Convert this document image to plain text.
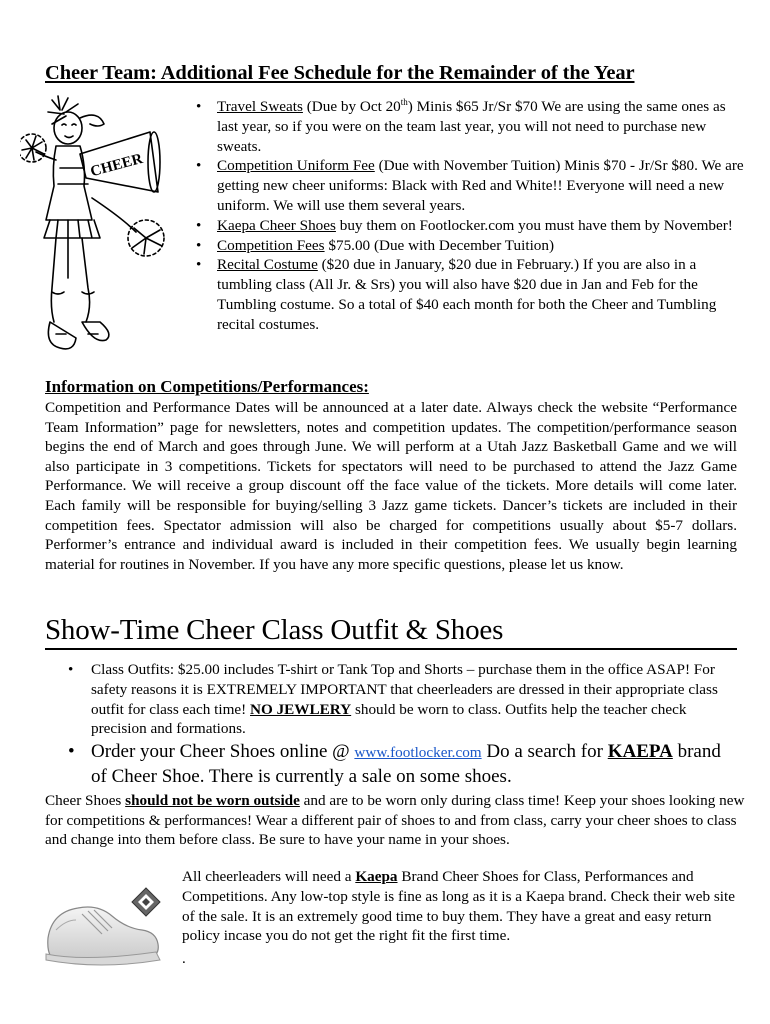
Cheer Team: Additional Fee Schedule for the Remainder of the Year
CHEER
• Travel Sweats (Due by Oct 20th) Minis $65 Jr/Sr $70 We are using the same ones as last year, so if you were on the team last year, you will not need to purchase new sweats.
• Competition Uniform Fee (Due with November Tuition) Minis $70 - Jr/Sr $80. We are getting new cheer uniforms: Black with Red and White!! Everyone will need a new uniform. We will use them several years.
• Kaepa Cheer Shoes buy them on Footlocker.com you must have them by November!
• Competition Fees $75.00 (Due with December Tuition)
• Recital Costume ($20 due in January, $20 due in February.) If you are also in a tumbling class (All Jr. & Srs) you will also have $20 due in Jan and Feb for the Tumbling costume. So a total of $40 each month for both the Cheer and Tumbling recital costumes.
Information on Competitions/Performances:

Competition and Performance Dates will be announced at a later date. Always check the website “Performance Team Information” page for newsletters, notes and competition updates. The competition/performance season begins the end of March and goes through June. We will perform at a Utah Jazz Basketball Game and we will also participate in 3 competitions. Tickets for spectators will need to be purchased to attend the Jazz Game Performance. We will receive a group discount off the face value of the tickets. More details will come later. Each family will be responsible for buying/selling 3 Jazz game tickets. Dancer’s tickets are included in their competition fees. Spectator admission will also be charged for competitions usually about $5-7 dollars. Performer’s entrance and individual award is included in their competition fees. We usually begin learning material for routines in November. If you have any more specific questions, please let us know.

Show-Time Cheer Class Outfit & Shoes
• Class Outfits: $25.00 includes T-shirt or Tank Top and Shorts – purchase them in the office ASAP! For safety reasons it is EXTREMELY IMPORTANT that cheerleaders are dressed in their appropriate class outfit for class each time! NO JEWLERY should be worn to class. Outfits help the teacher check precision and formations.
• Order your Cheer Shoes online @ www.footlocker.com Do a search for KAEPA brand of Cheer Shoe. There is currently a sale on some shoes.

Cheer Shoes should not be worn outside and are to be worn only during class time! Keep your shoes looking new for competitions & performances! Wear a different pair of shoes to and from class, carry your cheer shoes to class and change into them before class. Be sure to have your name in your shoes.

All cheerleaders will need a Kaepa Brand Cheer Shoes for Class, Performances and Competitions. Any low-top style is fine as long as it is a Kaepa brand. Check their web site of the sale. It is an extremely good time to buy them. They have a great and easy return policy incase you do not get the right fit the first time.

.
